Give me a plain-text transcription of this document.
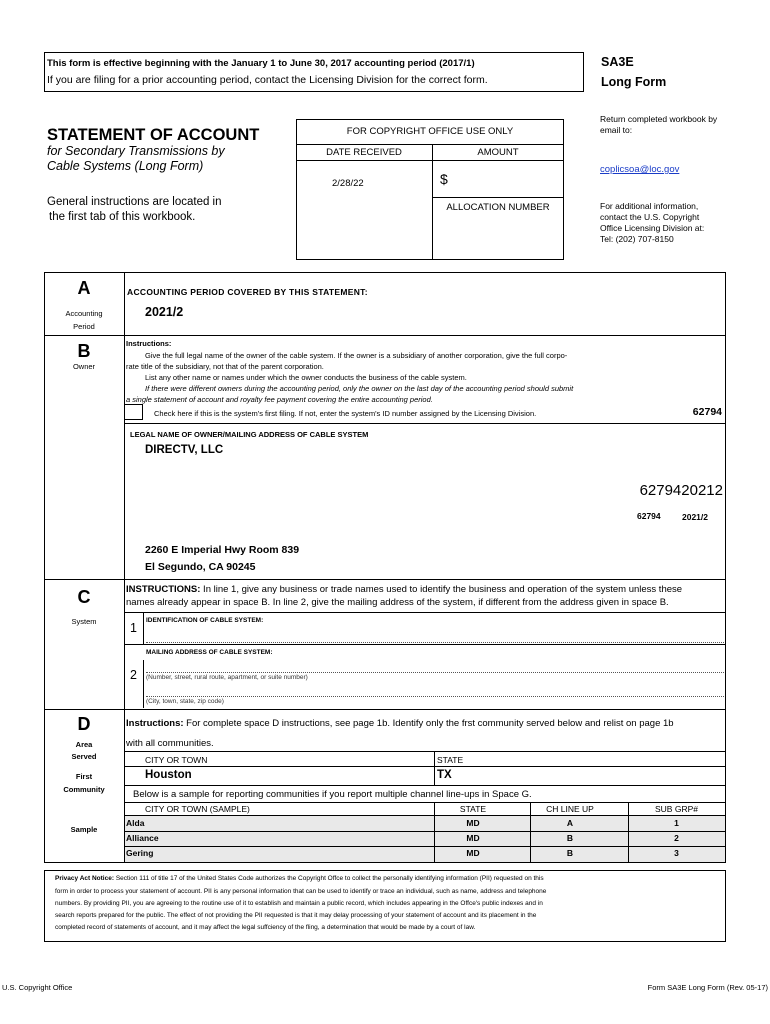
This form is effective beginning with the January 1 to June 30, 2017 accounting period (2017/1)
If you are filing for a prior accounting period, contact the Licensing Division for the correct form.
SA3E
Long Form
STATEMENT OF ACCOUNT
for Secondary Transmissions by
Cable Systems (Long Form)
General instructions are located in
the first tab of this workbook.
FOR COPYRIGHT OFFICE USE ONLY
DATE RECEIVED	AMOUNT
2/28/22	$
ALLOCATION NUMBER
Return completed workbook by
email to:
coplicsoa@loc.gov
For additional information,
contact the U.S. Copyright
Office Licensing Division at:
Tel: (202) 707-8150
A
Accounting
Period
ACCOUNTING PERIOD COVERED BY THIS STATEMENT:
2021/2
B
Owner
Instructions:
Give the full legal name of the owner of the cable system. If the owner is a subsidiary of another corporation, give the full corpo-
rate title of the subsidiary, not that of the parent corporation.
List any other name or names under which the owner conducts the business of the cable system.
If there were different owners during the accounting period, only the owner on the last day of the accounting period should submit
a single statement of account and royalty fee payment covering the entire accounting period.
Check here if this is the system's first filing. If not, enter the system's ID number assigned by the Licensing Division.	62794
LEGAL NAME OF OWNER/MAILING ADDRESS OF CABLE SYSTEM
DIRECTV, LLC
6279420212
62794	2021/2
2260 E Imperial Hwy Room 839
El Segundo, CA 90245
C
System
INSTRUCTIONS: In line 1, give any business or trade names used to identify the business and operation of the system unless these
names already appear in space B. In line 2, give the mailing address of the system, if different from the address given in space B.
1
IDENTIFICATION OF CABLE SYSTEM:
MAILING ADDRESS OF CABLE SYSTEM:
2 (Number, street, rural route, apartment, or suite number)
(City, town, state, zip code)
D
Area
Served
First
Community
Sample
Instructions: For complete space D instructions, see page 1b. Identify only the frst community served below and relist on page 1b
with all communities.
CITY OR TOWN	STATE
Houston	TX
Below is a sample for reporting communities if you report multiple channel line-ups in Space G.
CITY OR TOWN (SAMPLE)	STATE	CH LINE UP	SUB GRP#
Alda	MD	A	1
Alliance	MD	B	2
Gering	MD	B	3
Privacy Act Notice: Section 111 of title 17 of the United States Code authorizes the Copyright Offce to collect the personally identifying information (PII) requested on this
form in order to process your statement of account. PII is any personal information that can be used to identify or trace an individual, such as name, address and telephone
numbers. By providing PII, you are agreeing to the routine use of it to establish and maintain a public record, which includes appearing in the Offce's public indexes and in
search reports prepared for the public. The effect of not providing the PII requested is that it may delay processing of your statement of account and its placement in the
completed record of statements of account, and it may affect the legal suffciency of the fling, a determination that would be made by a court of law.
U.S. Copyright Office	Form SA3E Long Form (Rev. 05-17)
